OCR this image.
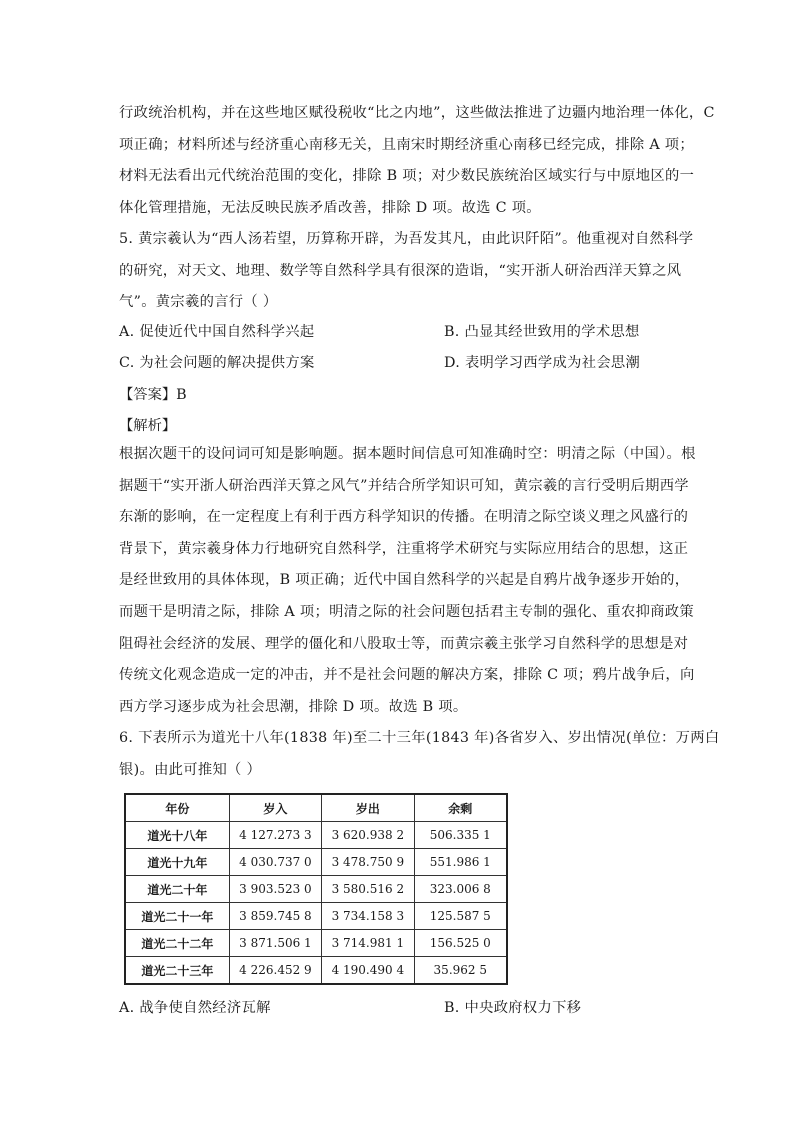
行政统治机构，并在这些地区赋役税收“比之内地”，这些做法推进了边疆内地治理一体化，C
项正确；材料所述与经济重心南移无关，且南宋时期经济重心南移已经完成，排除 A 项；
材料无法看出元代统治范围的变化，排除 B 项；对少数民族统治区域实行与中原地区的一
体化管理措施，无法反映民族矛盾改善，排除 D 项。故选 C 项。
5. 黄宗羲认为“西人汤若望，历算称开辟，为吾发其凡，由此识阡陌”。他重视对自然科学
的研究，对天文、地理、数学等自然科学具有很深的造诣，“实开浙人研治西洋天算之风
气”。黄宗羲的言行（ ）
A. 促使近代中国自然科学兴起	B. 凸显其经世致用的学术思想
C. 为社会问题的解决提供方案	D. 表明学习西学成为社会思潮
【答案】B
【解析】
根据次题干的设问词可知是影响题。据本题时间信息可知准确时空：明清之际（中国）。根
据题干“实开浙人研治西洋天算之风气”并结合所学知识可知，黄宗羲的言行受明后期西学
东渐的影响，在一定程度上有利于西方科学知识的传播。在明清之际空谈义理之风盛行的
背景下，黄宗羲身体力行地研究自然科学，注重将学术研究与实际应用结合的思想，这正
是经世致用的具体体现，B 项正确；近代中国自然科学的兴起是自鸦片战争逐步开始的，
而题干是明清之际，排除 A 项；明清之际的社会问题包括君主专制的强化、重农抑商政策
阻碍社会经济的发展、理学的僵化和八股取士等，而黄宗羲主张学习自然科学的思想是对
传统文化观念造成一定的冲击，并不是社会问题的解决方案，排除 C 项；鸦片战争后，向
西方学习逐步成为社会思潮，排除 D 项。故选 B 项。
6. 下表所示为道光十八年(1838 年)至二十三年(1843 年)各省岁入、岁出情况(单位：万两白
银)。由此可推知（ ）
年份	岁入	岁出	余剩
道光十八年	4 127.273 3	3 620.938 2	506.335 1
道光十九年	4 030.737 0	3 478.750 9	551.986 1
道光二十年	3 903.523 0	3 580.516 2	323.006 8
道光二十一年	3 859.745 8	3 734.158 3	125.587 5
道光二十二年	3 871.506 1	3 714.981 1	156.525 0
道光二十三年	4 226.452 9	4 190.490 4	35.962 5
A. 战争使自然经济瓦解	B. 中央政府权力下移
